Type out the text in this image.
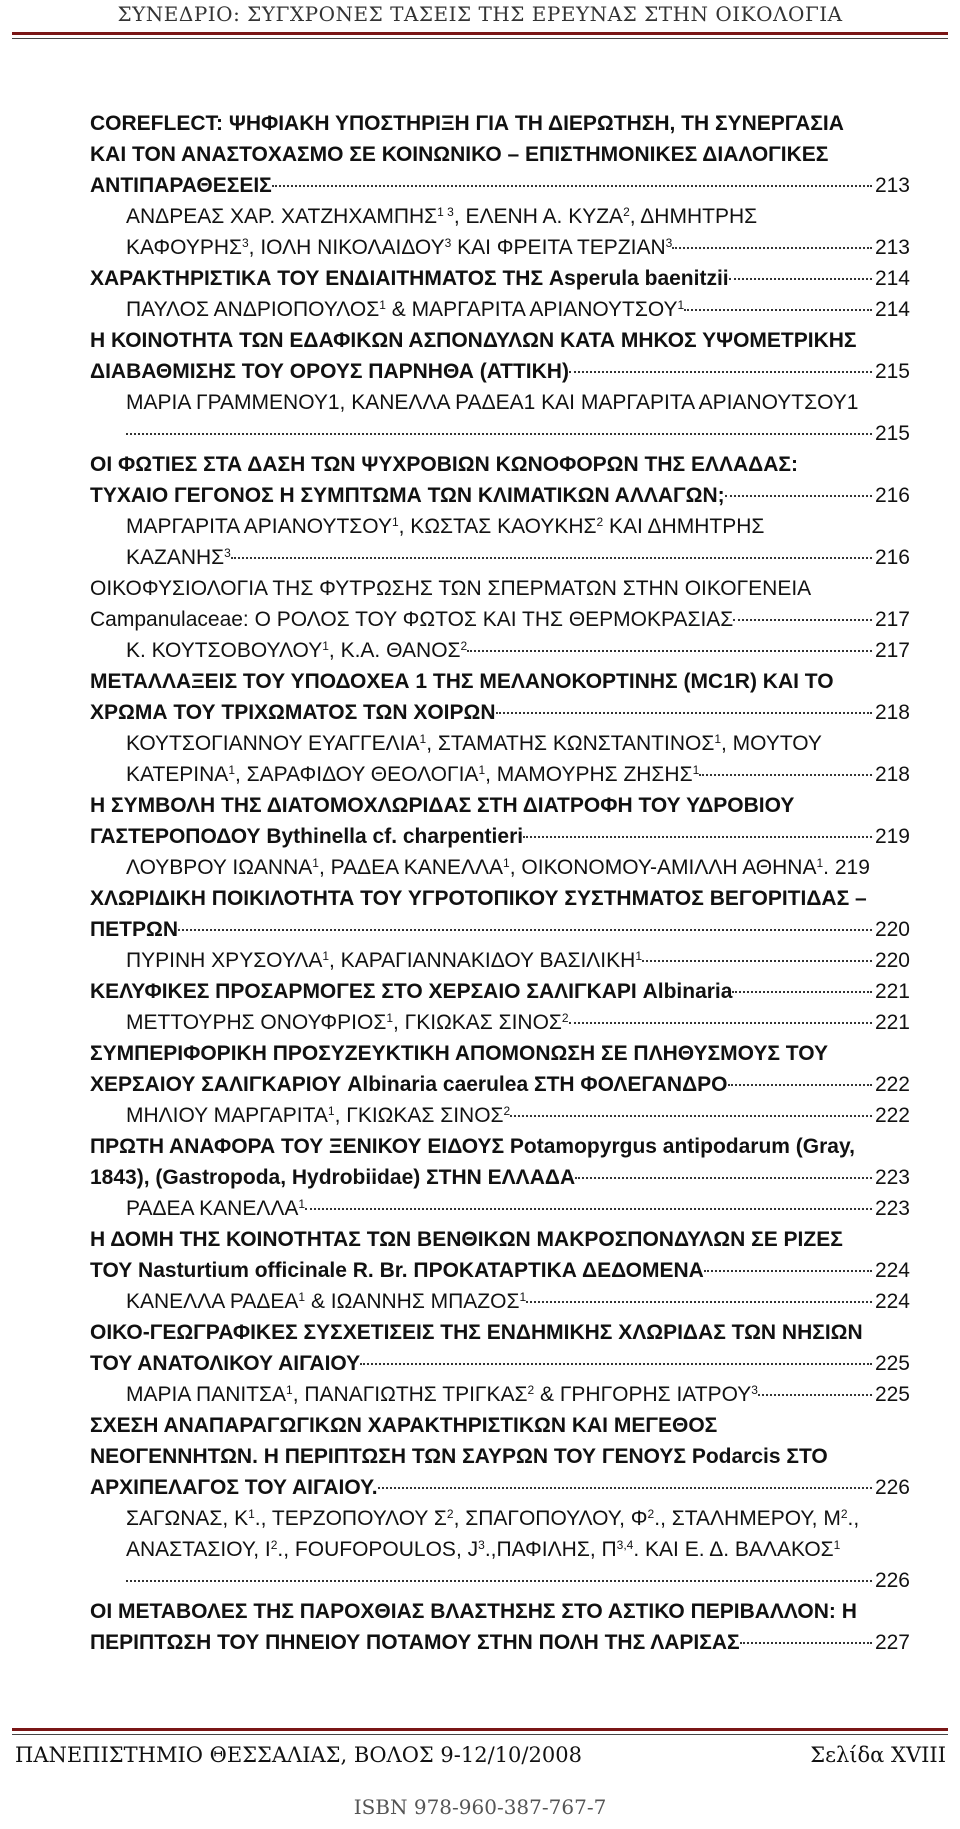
ΣΥΝΕΔΡΙΟ: ΣΥΓΧΡΟΝΕΣ ΤΑΣΕΙΣ ΤΗΣ ΕΡΕΥΝΑΣ ΣΤΗΝ ΟΙΚΟΛΟΓΙΑ
COREFLECT: ΨΗΦΙΑΚΗ ΥΠΟΣΤΗΡΙΞΗ ΓΙΑ ΤΗ ΔΙΕΡΩΤΗΣΗ, ΤΗ ΣΥΝΕΡΓΑΣΙΑ
ΚΑΙ ΤΟΝ ΑΝΑΣΤΟΧΑΣΜΟ ΣΕ ΚΟΙΝΩΝΙΚΟ – ΕΠΙΣΤΗΜΟΝΙΚΕΣ ΔΙΑΛΟΓΙΚΕΣ
ΑΝΤΙΠΑΡΑΘΕΣΕΙΣ	213
ΑΝΔΡΕΑΣ ΧΑΡ. $XATZHXAM\Pi H\Sigma^{1 3}$, ΕΛΕΝΗ Α. ΚΥΖΑ$^2$, ΔΗΜΗΤΡΗΣ
ΚΑΦΟΥΡΗΣ$^3$, ΙΟΛΗ ΝΙΚΟΛΑΙΔΟΥ$^3$ ΚΑΙ ΦΡΕΙΤΑ ΤΕΡΖΙΑΝ$^3$	213
ΧΑΡΑΚΤΗΡΙΣΤΙΚΑ ΤΟΥ ΕΝΔΙΑΙΤΗΜΑΤΟΣ ΤΗΣ Asperula baenitzii	214
ΠΑΥΛΟΣ ΑΝΔΡΙΟΠΟΥΛΟΣ$^1$ & ΜΑΡΓΑΡΙΤΑ ΑΡΙΑΝΟΥΤΣΟΥ$^1$	214
Η ΚΟΙΝΟΤΗΤΑ ΤΩΝ ΕΔΑΦΙΚΩΝ ΑΣΠΟΝΔΥΛΩΝ ΚΑΤΑ ΜΗΚΟΣ ΥΨΟΜΕΤΡΙΚΗΣ
ΔΙΑΒΑΘΜΙΣΗΣ ΤΟΥ ΟΡΟΥΣ ΠΑΡΝΗΘΑ (ΑΤΤΙΚΗ)	215
ΜΑΡΙΑ ΓΡΑΜΜΕΝΟΥ1, ΚΑΝΕΛΛΑ ΡΑΔΕΑ1 ΚΑΙ ΜΑΡΓΑΡΙΤΑ ΑΡΙΑΝΟΥΤΣΟΥ1
215
ΟΙ ΦΩΤΙΕΣ ΣΤΑ ΔΑΣΗ ΤΩΝ ΨΥΧΡΟΒΙΩΝ ΚΩΝΟΦΟΡΩΝ ΤΗΣ ΕΛΛΑΔΑΣ:
ΤΥΧΑΙΟ ΓΕΓΟΝΟΣ Η ΣΥΜΠΤΩΜΑ ΤΩΝ ΚΛΙΜΑΤΙΚΩΝ ΑΛΛΑΓΩΝ;	216
ΜΑΡΓΑΡΙΤΑ ΑΡΙΑΝΟΥΤΣΟΥ$^1$, ΚΩΣΤΑΣ ΚΑΟΥΚΗΣ$^2$ ΚΑΙ ΔΗΜΗΤΡΗΣ
ΚΑΖΑΝΗΣ$^3$	216
ΟΙΚΟΦΥΣΙΟΛΟΓΙΑ ΤΗΣ ΦΥΤΡΩΣΗΣ ΤΩΝ ΣΠΕΡΜΑΤΩΝ ΣΤΗΝ ΟΙΚΟΓΕΝΕΙΑ
Campanulaceae: Ο ΡΟΛΟΣ ΤΟΥ ΦΩΤΟΣ ΚΑΙ ΤΗΣ ΘΕΡΜΟΚΡΑΣΙΑΣ	217
Κ. ΚΟΥΤΣΟΒΟΥΛΟΥ$^1$, Κ.Α. ΘΑΝΟΣ$^2$	217
ΜΕΤΑΛΛΑΞΕΙΣ ΤΟΥ ΥΠΟΔΟΧΕΑ 1 ΤΗΣ ΜΕΛΑΝΟΚΟΡΤΙΝΗΣ (MC1R) ΚΑΙ ΤΟ
ΧΡΩΜΑ ΤΟΥ ΤΡΙΧΩΜΑΤΟΣ ΤΩΝ ΧΟΙΡΩΝ	218
ΚΟΥΤΣΟΓΙΑΝΝΟΥ ΕΥΑΓΓΕΛΙΑ$^1$, ΣΤΑΜΑΤΗΣ ΚΩΝΣΤΑΝΤΙΝΟΣ$^1$, ΜΟΥΤΟΥ
ΚΑΤΕΡΙΝΑ$^1$, ΣΑΡΑΦΙΔΟΥ ΘΕΟΛΟΓΙΑ$^1$, ΜΑΜΟΥΡΗΣ ΖΗΣΗΣ$^1$	218
Η ΣΥΜΒΟΛΗ ΤΗΣ ΔΙΑΤΟΜΟΧΛΩΡΙΔΑΣ ΣΤΗ ΔΙΑΤΡΟΦΗ ΤΟΥ ΥΔΡΟΒΙΟΥ
ΓΑΣΤΕΡΟΠΟΔΟΥ Bythinella cf. charpentieri	219
ΛΟΥΒΡΟΥ ΙΩΑΝΝΑ$^1$, ΡΑΔΕΑ ΚΑΝΕΛΛΑ$^1$, ΟΙΚΟΝΟΜΟΥ-ΑΜΙΛΛΗ ΑΘΗΝΑ$^1$. 219
ΧΛΩΡΙΔΙΚΗ ΠΟΙΚΙΛΟΤΗΤΑ ΤΟΥ ΥΓΡΟΤΟΠΙΚΟΥ ΣΥΣΤΗΜΑΤΟΣ ΒΕΓΟΡΙΤΙΔΑΣ –
ΠΕΤΡΩΝ	220
ΠΥΡΙΝΗ ΧΡΥΣΟΥΛΑ$^1$, ΚΑΡΑΓΙΑΝΝΑΚΙΔΟΥ ΒΑΣΙΛΙΚΗ$^1$	220
ΚΕΛΥΦΙΚΕΣ ΠΡΟΣΑΡΜΟΓΕΣ ΣΤΟ ΧΕΡΣΑΙΟ ΣΑΛΙΓΚΑΡΙ Albinaria	221
ΜΕΤΤΟΥΡΗΣ ΟΝΟΥΦΡΙΟΣ$^1$, ΓΚΙΩΚΑΣ ΣΙΝΟΣ$^2$	221
ΣΥΜΠΕΡΙΦΟΡΙΚΗ ΠΡΟΣΥΖΕΥΚΤΙΚΗ ΑΠΟΜΟΝΩΣΗ ΣΕ ΠΛΗΘΥΣΜΟΥΣ ΤΟΥ
ΧΕΡΣΑΙΟΥ ΣΑΛΙΓΚΑΡΙΟΥ Albinaria caerulea ΣΤΗ ΦΟΛΕΓΑΝΔΡΟ	222
ΜΗΛΙΟΥ ΜΑΡΓΑΡΙΤΑ$^1$, ΓΚΙΩΚΑΣ ΣΙΝΟΣ$^2$	222
ΠΡΩΤΗ ΑΝΑΦΟΡΑ ΤΟΥ ΞΕΝΙΚΟΥ ΕΙΔΟΥΣ Potamopyrgus antipodarum (Gray,
1843), (Gastropoda, Hydrobiidae) ΣΤΗΝ ΕΛΛΑΔΑ	223
ΡΑΔΕΑ ΚΑΝΕΛΛΑ$^1$	223
Η ΔΟΜΗ ΤΗΣ ΚΟΙΝΟΤΗΤΑΣ ΤΩΝ ΒΕΝΘΙΚΩΝ ΜΑΚΡΟΣΠΟΝΔΥΛΩΝ ΣΕ ΡΙΖΕΣ
ΤΟΥ Nasturtium officinale R. Br. ΠΡΟΚΑΤΑΡΤΙΚΑ ΔΕΔΟΜΕΝΑ	224
ΚΑΝΕΛΛΑ ΡΑΔΕΑ$^1$ & ΙΩΑΝΝΗΣ ΜΠΑΖΟΣ$^1$	224
ΟΙΚΟ-ΓΕΩΓΡΑΦΙΚΕΣ ΣΥΣΧΕΤΙΣΕΙΣ ΤΗΣ ΕΝΔΗΜΙΚΗΣ ΧΛΩΡΙΔΑΣ ΤΩΝ ΝΗΣΙΩΝ
ΤΟΥ ΑΝΑΤΟΛΙΚΟΥ ΑΙΓΑΙΟΥ	225
ΜΑΡΙΑ ΠΑΝΙΤΣΑ$^1$, ΠΑΝΑΓΙΩΤΗΣ ΤΡΙΓΚΑΣ$^2$ & ΓΡΗΓΟΡΗΣ ΙΑΤΡΟΥ$^3$	225
ΣΧΕΣΗ ΑΝΑΠΑΡΑΓΩΓΙΚΩΝ ΧΑΡΑΚΤΗΡΙΣΤΙΚΩΝ ΚΑΙ ΜΕΓΕΘΟΣ
ΝΕΟΓΕΝΝΗΤΩΝ. Η ΠΕΡΙΠΤΩΣΗ ΤΩΝ ΣΑΥΡΩΝ ΤΟΥ ΓΕΝΟΥΣ Podarcis ΣΤΟ
ΑΡΧΙΠΕΛΑΓΟΣ ΤΟΥ ΑΙΓΑΙΟΥ.	226
ΣΑΓΩΝΑΣ, $K^1$., ΤΕΡΖΟΠΟΥΛΟΥ $\Sigma^2$, ΣΠΑΓΟΠΟΥΛΟΥ, $\Phi^2$., ΣΤΑΛΗΜΕΡΟΥ, $M^2$.,
ΑΝΑΣΤΑΣΙΟΥ, $I^2$., FOUFOPOULOS, $J^3.,\Pi A\Phi I\Lambda H\Sigma$, Π$^{3,4}$. ΚΑΙ Ε. Δ. ΒΑΛΑΚΟΣ$^1$
226
ΟΙ ΜΕΤΑΒΟΛΕΣ ΤΗΣ ΠΑΡΟΧΘΙΑΣ ΒΛΑΣΤΗΣΗΣ ΣΤΟ ΑΣΤΙΚΟ ΠΕΡΙΒΑΛΛΟΝ: Η
ΠΕΡΙΠΤΩΣΗ ΤΟΥ ΠΗΝΕΙΟΥ ΠΟΤΑΜΟΥ ΣΤΗΝ ΠΟΛΗ ΤΗΣ ΛΑΡΙΣΑΣ	227
ΠΑΝΕΠΙΣΤΗΜΙΟ ΘΕΣΣΑΛΙΑΣ, ΒΟΛΟΣ 9-12/10/2008	Σελίδα XVIII
ISBN 978-960-387-767-7
